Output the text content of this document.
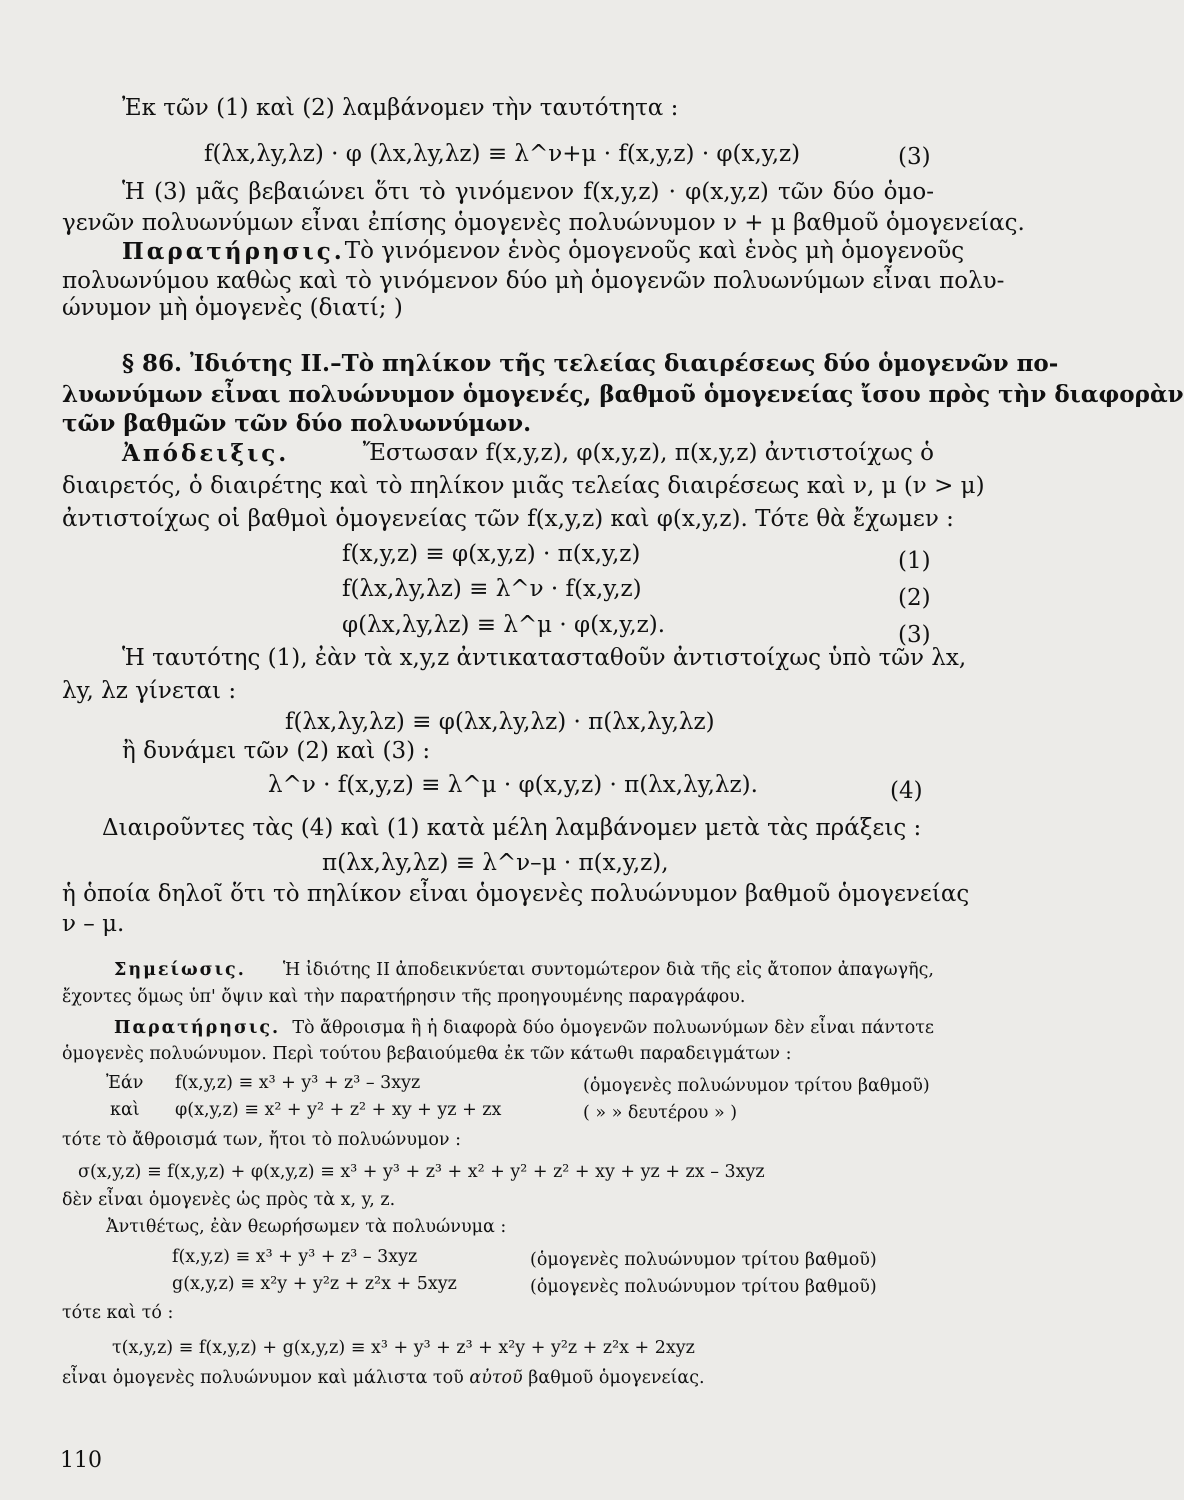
Ἐκ τῶν (1) καὶ (2) λαμβάνομεν τὴν ταυτότητα :
f(λx,λy,λz) · φ (λx,λy,λz) ≡ λ^ν+μ · f(x,y,z) · φ(x,y,z)	(3)
Ἡ (3) μᾶς βεβαιώνει ὅτι τὸ γινόμενον f(x,y,z) · φ(x,y,z) τῶν δύο ὁμο-
γενῶν πολυωνύμων εἶναι ἐπίσης ὁμογενὲς πολυώνυμον ν + μ βαθμοῦ ὁμογενείας.
Παρατήρησις. Τὸ γινόμενον ἑνὸς ὁμογενοῦς καὶ ἑνὸς μὴ ὁμογενοῦς
πολυωνύμου καθὼς καὶ τὸ γινόμενον δύο μὴ ὁμογενῶν πολυωνύμων εἶναι πολυ-
ώνυμον μὴ ὁμογενὲς (διατί; )
§ 86. Ἰδιότης ΙΙ.– Τὸ πηλίκον τῆς τελείας διαιρέσεως δύο ὁμογενῶν πο-
λυωνύμων εἶναι πολυώνυμον ὁμογενές, βαθμοῦ ὁμογενείας ἴσου πρὸς τὴν διαφορὰν
τῶν βαθμῶν τῶν δύο πολυωνύμων.
Ἀπόδειξις.	Ἔστωσαν f(x,y,z), φ(x,y,z), π(x,y,z) ἀντιστοίχως ὁ
διαιρετός, ὁ διαιρέτης καὶ τὸ πηλίκον μιᾶς τελείας διαιρέσεως καὶ ν, μ (ν > μ)
ἀντιστοίχως οἱ βαθμοὶ ὁμογενείας τῶν f(x,y,z) καὶ φ(x,y,z). Τότε θὰ ἔχωμεν :
f(x,y,z) ≡ φ(x,y,z) · π(x,y,z)	(1)
f(λx,λy,λz) ≡ λ^ν · f(x,y,z)	(2)
φ(λx,λy,λz) ≡ λ^μ · φ(x,y,z).	(3)
Ἡ ταυτότης (1), ἐὰν τὰ x,y,z ἀντικατασταθοῦν ἀντιστοίχως ὑπὸ τῶν λx,
λy, λz γίνεται :
f(λx,λy,λz) ≡ φ(λx,λy,λz) · π(λx,λy,λz)
ἢ δυνάμει τῶν (2) καὶ (3) :
λ^ν · f(x,y,z) ≡ λ^μ · φ(x,y,z) · π(λx,λy,λz).	(4)
Διαιροῦντες τὰς (4) καὶ (1) κατὰ μέλη λαμβάνομεν μετὰ τὰς πράξεις :
π(λx,λy,λz) ≡ λ^ν–μ · π(x,y,z),
ἡ ὁποία δηλοῖ ὅτι τὸ πηλίκον εἶναι ὁμογενὲς πολυώνυμον βαθμοῦ ὁμογενείας
ν – μ.
Σημείωσις. Ἡ ἰδιότης ΙΙ ἀποδεικνύεται συντομώτερον διὰ τῆς εἰς ἄτοπον ἀπαγωγῆς,
ἔχοντες ὅμως ὑπ' ὄψιν καὶ τὴν παρατήρησιν τῆς προηγουμένης παραγράφου.
Παρατήρησις. Τὸ ἄθροισμα ἢ ἡ διαφορὰ δύο ὁμογενῶν πολυωνύμων δὲν εἶναι πάντοτε
ὁμογενὲς πολυώνυμον. Περὶ τούτου βεβαιούμεθα ἐκ τῶν κάτωθι παραδειγμάτων :
Ἐάν f(x,y,z) ≡ x³ + y³ + z³ – 3xyz	(ὁμογενὲς πολυώνυμον τρίτου βαθμοῦ)
καὶ φ(x,y,z) ≡ x² + y² + z² + xy + yz + zx	( » » δευτέρου » )
τότε τὸ ἄθροισμά των, ἤτοι τὸ πολυώνυμον :
σ(x,y,z) ≡ f(x,y,z) + φ(x,y,z) ≡ x³ + y³ + z³ + x² + y² + z² + xy + yz + zx – 3xyz
δὲν εἶναι ὁμογενὲς ὡς πρὸς τὰ x, y, z.
Ἀντιθέτως, ἐὰν θεωρήσωμεν τὰ πολυώνυμα :
f(x,y,z) ≡ x³ + y³ + z³ – 3xyz	(ὁμογενὲς πολυώνυμον τρίτου βαθμοῦ)
g(x,y,z) ≡ x²y + y²z + z²x + 5xyz	(ὁμογενὲς πολυώνυμον τρίτου βαθμοῦ)
τότε καὶ τό :
τ(x,y,z) ≡ f(x,y,z) + g(x,y,z) ≡ x³ + y³ + z³ + x²y + y²z + z²x + 2xyz
εἶναι ὁμογενὲς πολυώνυμον καὶ μάλιστα τοῦ αὐτοῦ βαθμοῦ ὁμογενείας.
110
